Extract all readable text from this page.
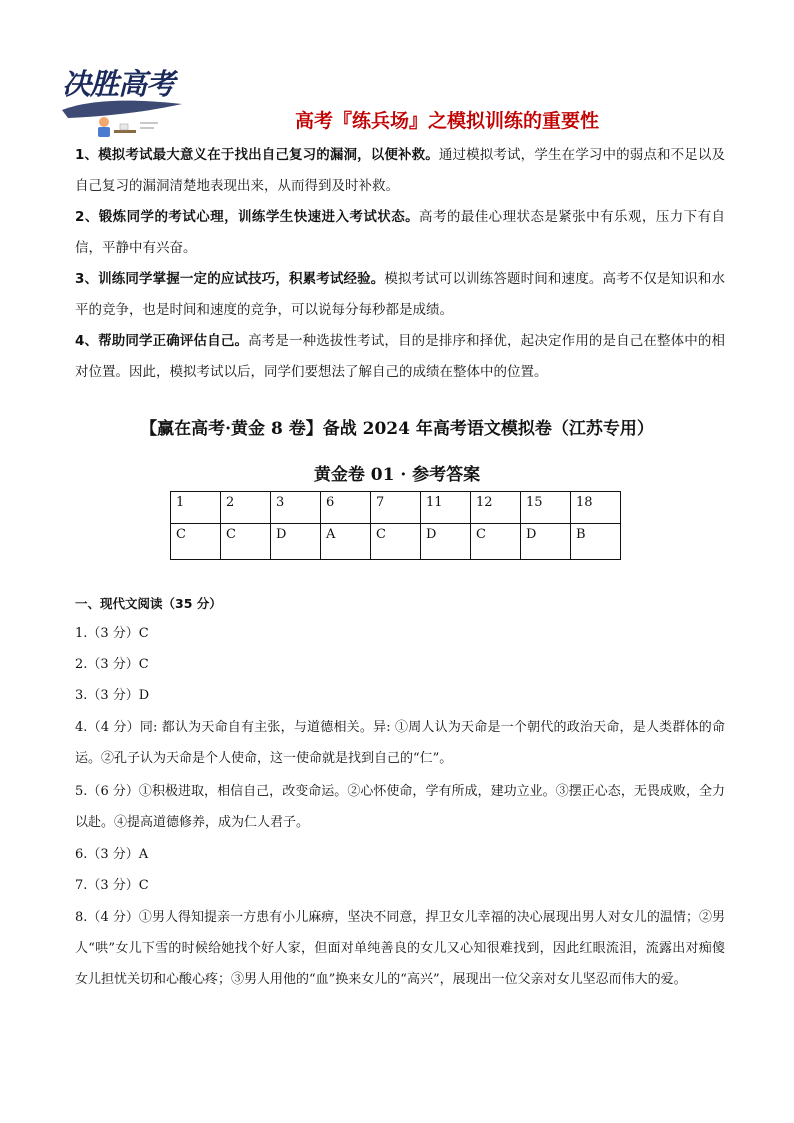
决胜高考
高考『练兵场』之模拟训练的重要性
1、模拟考试最大意义在于找出自己复习的漏洞，以便补救。通过模拟考试，学生在学习中的弱点和不足以及自己复习的漏洞清楚地表现出来，从而得到及时补救。
2、锻炼同学的考试心理，训练学生快速进入考试状态。高考的最佳心理状态是紧张中有乐观，压力下有自信，平静中有兴奋。
3、训练同学掌握一定的应试技巧，积累考试经验。模拟考试可以训练答题时间和速度。高考不仅是知识和水平的竞争，也是时间和速度的竞争，可以说每分每秒都是成绩。
4、帮助同学正确评估自己。高考是一种选拔性考试，目的是排序和择优，起决定作用的是自己在整体中的相对位置。因此，模拟考试以后，同学们要想法了解自己的成绩在整体中的位置。
【赢在高考·黄金 8 卷】备战 2024 年高考语文模拟卷（江苏专用）
黄金卷 01 · 参考答案
1	2	3	6	7	11	12	15	18
C	C	D	A	C	D	C	D	B
一、现代文阅读（35 分）
1.（3 分）C
2.（3 分）C
3.（3 分）D
4.（4 分）同: 都认为天命自有主张，与道德相关。异: ①周人认为天命是一个朝代的政治天命，是人类群体的命运。②孔子认为天命是个人使命，这一使命就是找到自己的“仁”。
5.（6 分）①积极进取，相信自己，改变命运。②心怀使命，学有所成，建功立业。③摆正心态，无畏成败，全力以赴。④提高道德修养，成为仁人君子。
6.（3 分）A
7.（3 分）C
8.（4 分）①男人得知提亲一方患有小儿麻痹，坚决不同意，捍卫女儿幸福的决心展现出男人对女儿的温情；②男人“哄”女儿下雪的时候给她找个好人家，但面对单纯善良的女儿又心知很难找到，因此红眼流泪，流露出对痴傻女儿担忧关切和心酸心疼；③男人用他的“血”换来女儿的“高兴”，展现出一位父亲对女儿坚忍而伟大的爱。
